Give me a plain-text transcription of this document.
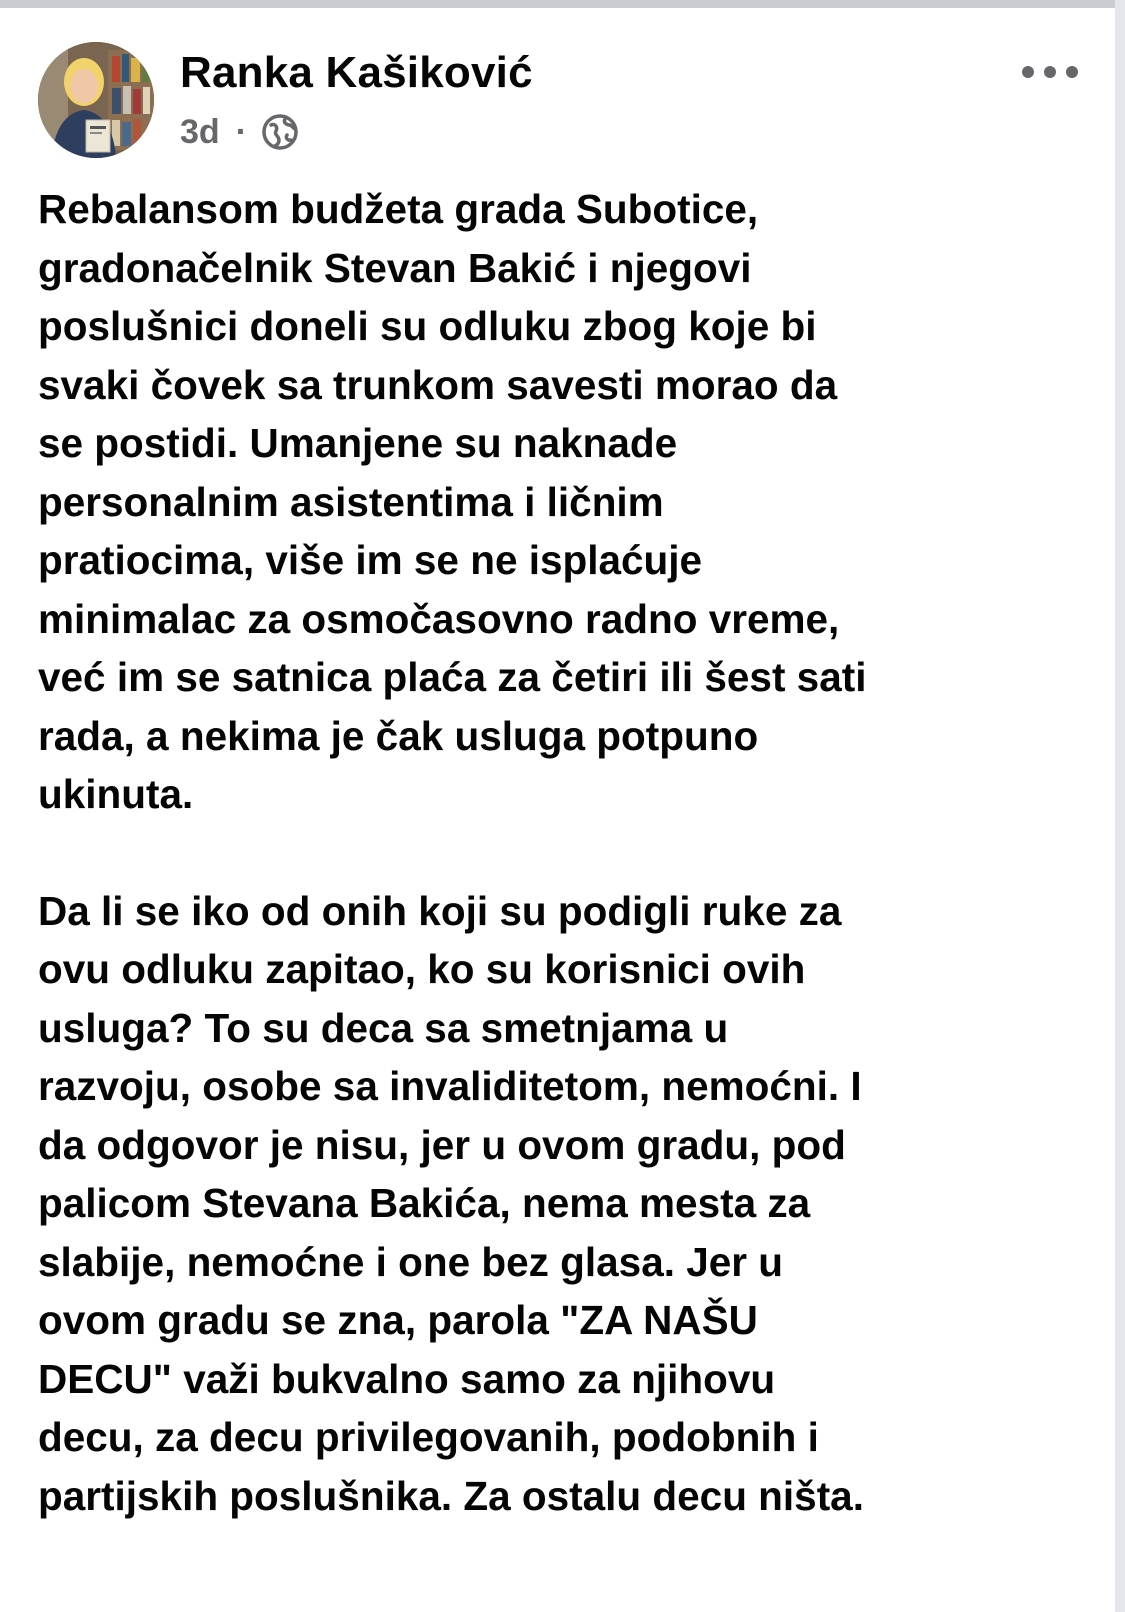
Ranka Kašiković
3d ·

Rebalansom budžeta grada Subotice,
gradonačelnik Stevan Bakić i njegovi
poslušnici doneli su odluku zbog koje bi
svaki čovek sa trunkom savesti morao da
se postidi. Umanjene su naknade
personalnim asistentima i ličnim
pratiocima, više im se ne isplaćuje
minimalac za osmočasovno radno vreme,
već im se satnica plaća za četiri ili šest sati
rada, a nekima je čak usluga potpuno
ukinuta.

Da li se iko od onih koji su podigli ruke za
ovu odluku zapitao, ko su korisnici ovih
usluga? To su deca sa smetnjama u
razvoju, osobe sa invaliditetom, nemoćni. I
da odgovor je nisu, jer u ovom gradu, pod
palicom Stevana Bakića, nema mesta za
slabije, nemoćne i one bez glasa. Jer u
ovom gradu se zna, parola "ZA NAŠU
DECU" važi bukvalno samo za njihovu
decu, za decu privilegovanih, podobnih i
partijskih poslušnika. Za ostalu decu ništa.
